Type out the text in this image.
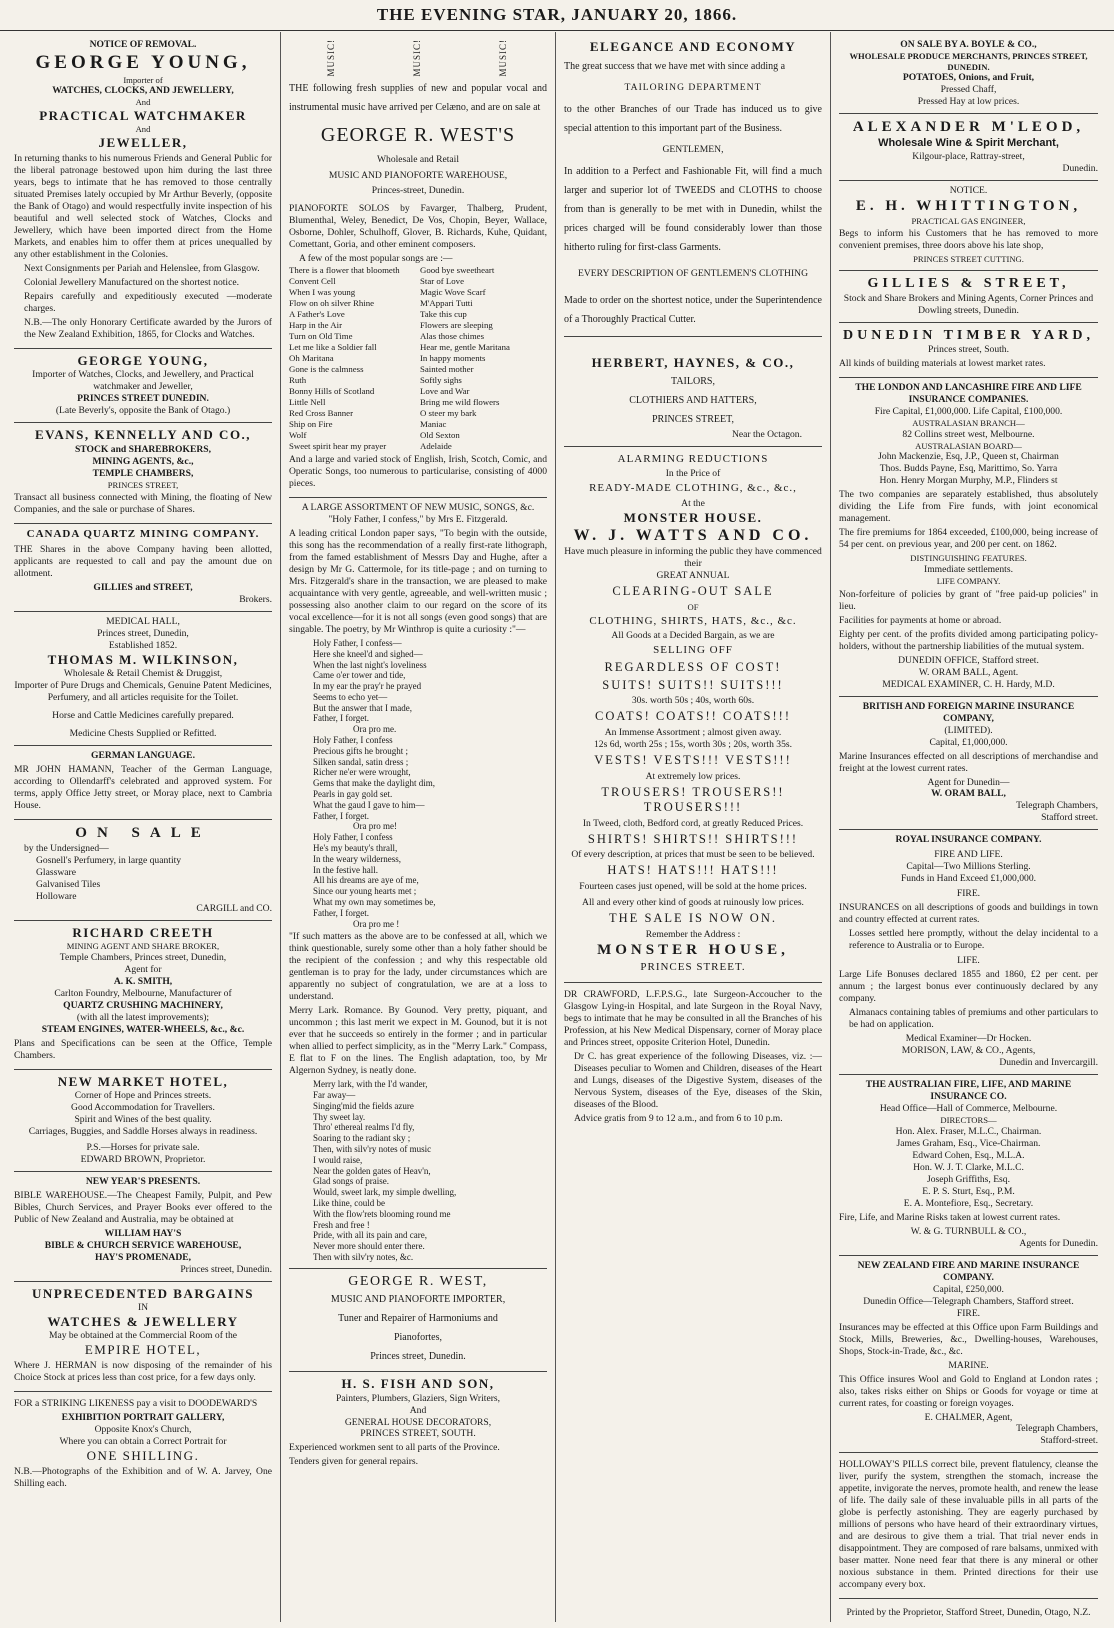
THE EVENING STAR, JANUARY 20, 1866.
NOTICE OF REMOVAL.
GEORGE YOUNG,
Importer of
WATCHES, CLOCKS, AND JEWELLERY,
And
PRACTICAL WATCHMAKER
And
JEWELLER,

In returning thanks to his numerous Friends and General Public for the liberal patronage bestowed upon him during the last three years, begs to intimate that he has removed to those centrally situated Premises lately occupied by Mr Arthur Beverly, (opposite the Bank of Otago) and would respectfully invite inspection of his beautiful and well selected stock of Watches, Clocks and Jewellery, which have been imported direct from the Home Markets, and enables him to offer them at prices unequalled by any other establishment in the Colonies.

Next Consignments per Pariah and Helenslee, from Glasgow.

Colonial Jewellery Manufactured on the shortest notice.

Repairs carefully and expeditiously executed —moderate charges.

N.B.—The only Honorary Certificate awarded by the Jurors of the New Zealand Exhibition, 1865, for Clocks and Watches.

GEORGE YOUNG,
Importer of Watches, Clocks, and Jewellery, and Practical watchmaker and Jeweller,
PRINCES STREET DUNEDIN.
(Late Beverly's, opposite the Bank of Otago.)
EVANS, KENNELLY AND CO.,
STOCK and SHAREBROKERS,
MINING AGENTS, &c.,
TEMPLE CHAMBERS,
PRINCES STREET,

Transact all business connected with Mining, the floating of New Companies, and the sale or purchase of Shares.

CANADA QUARTZ MINING COMPANY.

THE Shares in the above Company having been allotted, applicants are requested to call and pay the amount due on allotment.

GILLIES and STREET,
Brokers.
MEDICAL HALL,
Princes street, Dunedin,
Established 1852.
THOMAS M. WILKINSON,
Wholesale & Retail Chemist & Druggist,
Importer of Pure Drugs and Chemicals, Genuine Patent Medicines, Perfumery, and all articles requisite for the Toilet.
Horse and Cattle Medicines carefully prepared.
Medicine Chests Supplied or Refitted.
GERMAN LANGUAGE.

MR JOHN HAMANN, Teacher of the German Language, according to Ollendarff's celebrated and approved system. For terms, apply Office Jetty street, or Moray place, next to Cambria House.

ON SALE
by the Undersigned—
Gosnell's Perfumery, in large quantity
Glassware
Galvanised Tiles
Holloware
CARGILL and CO.
RICHARD CREETH
MINING AGENT AND SHARE BROKER,
Temple Chambers, Princes street, Dunedin,
Agent for
A. K. SMITH,
Carlton Foundry, Melbourne, Manufacturer of
QUARTZ CRUSHING MACHINERY,
(with all the latest improvements);
STEAM ENGINES, WATER-WHEELS, &c., &c.

Plans and Specifications can be seen at the Office, Temple Chambers.

NEW MARKET HOTEL,
Corner of Hope and Princes streets.
Good Accommodation for Travellers.
Spirit and Wines of the best quality.
Carriages, Buggies, and Saddle Horses always in readiness.
P.S.—Horses for private sale.
EDWARD BROWN, Proprietor.
NEW YEAR'S PRESENTS.

BIBLE WAREHOUSE.—The Cheapest Family, Pulpit, and Pew Bibles, Church Services, and Prayer Books ever offered to the Public of New Zealand and Australia, may be obtained at

WILLIAM HAY'S
BIBLE & CHURCH SERVICE WAREHOUSE,
HAY'S PROMENADE,
Princes street, Dunedin.
UNPRECEDENTED BARGAINS
IN
WATCHES & JEWELLERY
May be obtained at the Commercial Room of the
EMPIRE HOTEL,

Where J. HERMAN is now disposing of the remainder of his Choice Stock at prices less than cost price, for a few days only.

FOR a STRIKING LIKENESS pay a visit to DOODEWARD'S

EXHIBITION PORTRAIT GALLERY,
Opposite Knox's Church,
Where you can obtain a Correct Portrait for
ONE SHILLING.

N.B.—Photographs of the Exhibition and of W. A. Jarvey, One Shilling each.

MUSIC!	MUSIC!	MUSIC!

THE following fresh supplies of new and popular vocal and instrumental music have arrived per Celæno, and are on sale at

GEORGE R. WEST'S
Wholesale and Retail
MUSIC AND PIANOFORTE WAREHOUSE,
Princes-street, Dunedin.

PIANOFORTE SOLOS by Favarger, Thalberg, Prudent, Blumenthal, Weley, Benedict, De Vos, Chopin, Beyer, Wallace, Osborne, Dohler, Schulhoff, Glover, B. Richards, Kuhe, Quidant, Comettant, Goria, and other eminent composers.

A few of the most popular songs are :—
There is a flower that bloometh	Good bye sweetheart
Convent Cell	Star of Love
When I was young	Magic Wove Scarf
Flow on oh silver Rhine	M'Appari Tutti
A Father's Love	Take this cup
Harp in the Air	Flowers are sleeping
Turn on Old Time	Alas those chimes
Let me like a Soldier fall	Hear me, gentle Maritana
Oh Maritana	In happy moments
Gone is the calmness	Sainted mother
Ruth	Softly sighs
Bonny Hills of Scotland	Love and War
Little Nell	Bring me wild flowers
Red Cross Banner	O steer my bark
Ship on Fire	Maniac
Wolf	Old Sexton
Sweet spirit hear my prayer	Adelaide

And a large and varied stock of English, Irish, Scotch, Comic, and Operatic Songs, too numerous to particularise, consisting of 4000 pieces.

A LARGE ASSORTMENT OF NEW MUSIC, SONGS, &c.
"Holy Father, I confess," by Mrs E. Fitzgerald.

A leading critical London paper says, "To begin with the outside, this song has the recommendation of a really first-rate lithograph, from the famed establishment of Messrs Day and Hughe, after a design by Mr G. Cattermole, for its title-page ; and on turning to Mrs. Fitzgerald's share in the transaction, we are pleased to make acquaintance with very gentle, agreeable, and well-written music ; possessing also another claim to our regard on the score of its vocal excellence—for it is not all songs (even good songs) that are singable. The poetry, by Mr Winthrop is quite a curiosity :"—

Holy Father, I confess—
Here she kneel'd and sighed—
When the last night's loveliness
Came o'er tower and tide,
In my ear the pray'r he prayed
Seems to echo yet—
But the answer that I made,
Father, I forget.
Ora pro me.
Holy Father, I confess
Precious gifts he brought ;
Silken sandal, satin dress ;
Richer ne'er were wrought,
Gems that make the daylight dim,
Pearls in gay gold set.
What the gaud I gave to him—
Father, I forget.
Ora pro me!
Holy Father, I confess
He's my beauty's thrall,
In the weary wilderness,
In the festive hall.
All his dreams are aye of me,
Since our young hearts met ;
What my own may sometimes be,
Father, I forget.
Ora pro me !

"If such matters as the above are to be confessed at all, which we think questionable, surely some other than a holy father should be the recipient of the confession ; and why this respectable old gentleman is to pray for the lady, under circumstances which are apparently no subject of congratulation, we are at a loss to understand.

Merry Lark. Romance. By Gounod. Very pretty, piquant, and uncommon ; this last merit we expect in M. Gounod, but it is not ever that he succeeds so entirely in the former ; and in particular when allied to perfect simplicity, as in the "Merry Lark." Compass, E flat to F on the lines. The English adaptation, too, by Mr Algernon Sydney, is neatly done.

Merry lark, with the I'd wander,
Far away—
Singing'mid the fields azure
Thy sweet lay.
Thro' ethereal realms I'd fly,
Soaring to the radiant sky ;
Then, with silv'ry notes of music
I would raise,
Near the golden gates of Heav'n,
Glad songs of praise.
Would, sweet lark, my simple dwelling,
Like thine, could be
With the flow'rets blooming round me
Fresh and free !
Pride, with all its pain and care,
Never more should enter there.
Then with silv'ry notes, &c.
GEORGE R. WEST,
MUSIC AND PIANOFORTE IMPORTER,
Tuner and Repairer of Harmoniums and
Pianofortes,
Princes street, Dunedin.
H. S. FISH AND SON,
Painters, Plumbers, Glaziers, Sign Writers,
And
GENERAL HOUSE DECORATORS,
PRINCES STREET, SOUTH.

Experienced workmen sent to all parts of the Province.

Tenders given for general repairs.

ELEGANCE AND ECONOMY

The great success that we have met with since adding a

TAILORING DEPARTMENT

to the other Branches of our Trade has induced us to give special attention to this important part of the Business.

GENTLEMEN,

In addition to a Perfect and Fashionable Fit, will find a much larger and superior lot of TWEEDS and CLOTHS to choose from than is generally to be met with in Dunedin, whilst the prices charged will be found considerably lower than those hitherto ruling for first-class Garments.

EVERY DESCRIPTION OF GENTLEMEN'S CLOTHING

Made to order on the shortest notice, under the Superintendence of a Thoroughly Practical Cutter.

HERBERT, HAYNES, & CO.,
TAILORS,
CLOTHIERS AND HATTERS,
PRINCES STREET,
Near the Octagon.
ALARMING REDUCTIONS
In the Price of
READY-MADE CLOTHING, &c., &c.,
At the
MONSTER HOUSE.
W. J. WATTS AND CO.
Have much pleasure in informing the public they have commenced their
GREAT ANNUAL
CLEARING-OUT SALE
OF
CLOTHING, SHIRTS, HATS, &c., &c.
All Goods at a Decided Bargain, as we are
SELLING OFF
REGARDLESS OF COST!
SUITS! SUITS!! SUITS!!!
30s. worth 50s ; 40s, worth 60s.
COATS! COATS!! COATS!!!
An Immense Assortment ; almost given away.
12s 6d, worth 25s ; 15s, worth 30s ; 20s, worth 35s.
VESTS! VESTS!!! VESTS!!!
At extremely low prices.
TROUSERS! TROUSERS!! TROUSERS!!!
In Tweed, cloth, Bedford cord, at greatly Reduced Prices.
SHIRTS! SHIRTS!! SHIRTS!!!
Of every description, at prices that must be seen to be believed.
HATS! HATS!!! HATS!!!
Fourteen cases just opened, will be sold at the home prices.
All and every other kind of goods at ruinously low prices.
THE SALE IS NOW ON.
Remember the Address :
MONSTER HOUSE,
PRINCES STREET.

DR CRAWFORD, L.F.P.S.G., late Surgeon-Accoucher to the Glasgow Lying-in Hospital, and late Surgeon in the Royal Navy, begs to intimate that he may be consulted in all the Branches of his Profession, at his New Medical Dispensary, corner of Moray place and Princes street, opposite Criterion Hotel, Dunedin.

Dr C. has great experience of the following Diseases, viz. :—Diseases peculiar to Women and Children, diseases of the Heart and Lungs, diseases of the Digestive System, diseases of the Nervous System, diseases of the Eye, diseases of the Skin, diseases of the Blood.

Advice gratis from 9 to 12 a.m., and from 6 to 10 p.m.

ON SALE BY A. BOYLE & CO.,
WHOLESALE PRODUCE MERCHANTS, PRINCES STREET, DUNEDIN.
POTATOES, Onions, and Fruit,
Pressed Chaff,
Pressed Hay at low prices.
ALEXANDER M'LEOD,
Wholesale Wine & Spirit Merchant,
Kilgour-place, Rattray-street,
Dunedin.
NOTICE.
E. H. WHITTINGTON,
PRACTICAL GAS ENGINEER,

Begs to inform his Customers that he has removed to more convenient premises, three doors above his late shop,

PRINCES STREET CUTTING.
GILLIES & STREET,
Stock and Share Brokers and Mining Agents, Corner Princes and Dowling streets, Dunedin.
DUNEDIN TIMBER YARD,
Princes street, South.

All kinds of building materials at lowest market rates.

THE LONDON AND LANCASHIRE FIRE AND LIFE INSURANCE COMPANIES.
Fire Capital, £1,000,000. Life Capital, £100,000.
AUSTRALASIAN BRANCH—
82 Collins street west, Melbourne.
AUSTRALASIAN BOARD—
John Mackenzie, Esq, J.P., Queen st, Chairman
Thos. Budds Payne, Esq, Marittimo, So. Yarra
Hon. Henry Morgan Murphy, M.P., Flinders st

The two companies are separately established, thus absolutely dividing the Life from Fire funds, with joint economical management.

The fire premiums for 1864 exceeded, £100,000, being increase of 54 per cent. on previous year, and 200 per cent. on 1862.

DISTINGUISHING FEATURES.
Immediate settlements.
LIFE COMPANY.

Non-forfeiture of policies by grant of "free paid-up policies" in lieu.

Facilities for payments at home or abroad.

Eighty per cent. of the profits divided among participating policy-holders, without the partnership liabilities of the mutual system.

DUNEDIN OFFICE, Stafford street.
W. ORAM BALL, Agent.
MEDICAL EXAMINER, C. H. Hardy, M.D.
BRITISH AND FOREIGN MARINE INSURANCE COMPANY,
(LIMITED).
Capital, £1,000,000.

Marine Insurances effected on all descriptions of merchandise and freight at the lowest current rates.

Agent for Dunedin—
W. ORAM BALL,
Telegraph Chambers,
Stafford street.
ROYAL INSURANCE COMPANY.
FIRE AND LIFE.
Capital—Two Millions Sterling.
Funds in Hand Exceed £1,000,000.
FIRE.

INSURANCES on all descriptions of goods and buildings in town and country effected at current rates.

Losses settled here promptly, without the delay incidental to a reference to Australia or to Europe.

LIFE.

Large Life Bonuses declared 1855 and 1860, £2 per cent. per annum ; the largest bonus ever continuously declared by any company.

Almanacs containing tables of premiums and other particulars to be had on application.

Medical Examiner—Dr Hocken.
MORISON, LAW, & CO., Agents,
Dunedin and Invercargill.
THE AUSTRALIAN FIRE, LIFE, AND MARINE INSURANCE CO.
Head Office—Hall of Commerce, Melbourne.
DIRECTORS—
Hon. Alex. Fraser, M.L.C., Chairman.
James Graham, Esq., Vice-Chairman.
Edward Cohen, Esq., M.L.A.
Hon. W. J. T. Clarke, M.L.C.
Joseph Griffiths, Esq.
E. P. S. Sturt, Esq., P.M.
E. A. Montefiore, Esq., Secretary.

Fire, Life, and Marine Risks taken at lowest current rates.

W. & G. TURNBULL & CO.,
Agents for Dunedin.
NEW ZEALAND FIRE AND MARINE INSURANCE COMPANY.
Capital, £250,000.
Dunedin Office—Telegraph Chambers, Stafford street.
FIRE.

Insurances may be effected at this Office upon Farm Buildings and Stock, Mills, Breweries, &c., Dwelling-houses, Warehouses, Shops, Stock-in-Trade, &c., &c.

MARINE.

This Office insures Wool and Gold to England at London rates ; also, takes risks either on Ships or Goods for voyage or time at current rates, for coasting or foreign voyages.

E. CHALMER, Agent,
Telegraph Chambers,
Stafford-street.

HOLLOWAY'S PILLS correct bile, prevent flatulency, cleanse the liver, purify the system, strengthen the stomach, increase the appetite, invigorate the nerves, promote health, and renew the lease of life. The daily sale of these invaluable pills in all parts of the globe is perfectly astonishing. They are eagerly purchased by millions of persons who have heard of their extraordinary virtues, and are desirous to give them a trial. That trial never ends in disappointment. They are composed of rare balsams, unmixed with baser matter. None need fear that there is any mineral or other noxious substance in them. Printed directions for their use accompany every box.

Printed by the Proprietor, Stafford Street, Dunedin, Otago, N.Z.
